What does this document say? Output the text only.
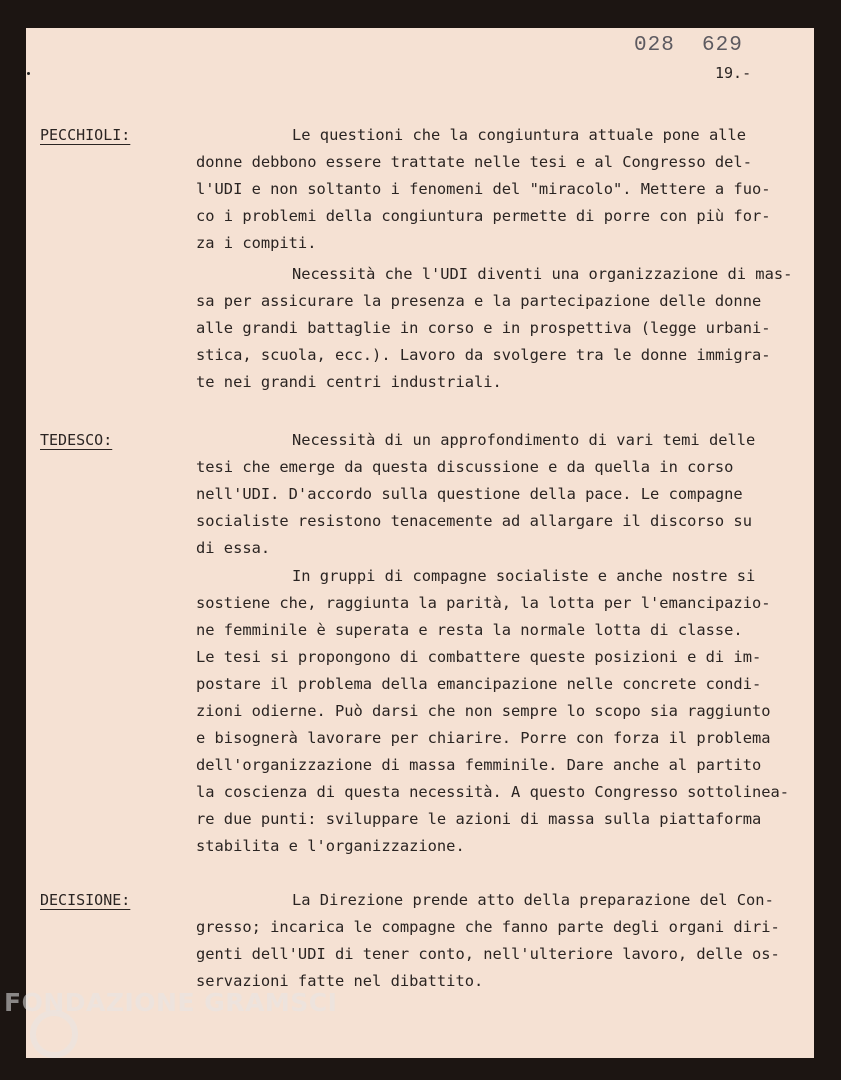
028  629
19.-
PECCHIOLI:	Le questioni che la congiuntura attuale pone alle
donne debbono essere trattate nelle tesi e al Congresso del-
l'UDI e non soltanto i fenomeni del "miracolo". Mettere a fuo-
co i problemi della congiuntura permette di porre con più for-
za i compiti.
Necessità che l'UDI diventi una organizzazione di mas-
sa per assicurare la presenza e la partecipazione delle donne
alle grandi battaglie in corso e in prospettiva (legge urbani-
stica, scuola, ecc.). Lavoro da svolgere tra le donne immigra-
te nei grandi centri industriali.
TEDESCO:	Necessità di un approfondimento di vari temi delle
tesi che emerge da questa discussione e da quella in corso
nell'UDI. D'accordo sulla questione della pace. Le compagne
socialiste resistono tenacemente ad allargare il discorso su
di essa.
In gruppi di compagne socialiste e anche nostre si
sostiene che, raggiunta la parità, la lotta per l'emancipazio-
ne femminile è superata e resta la normale lotta di classe.
Le tesi si propongono di combattere queste posizioni e di im-
postare il problema della emancipazione nelle concrete condi-
zioni odierne. Può darsi che non sempre lo scopo sia raggiunto
e bisognerà lavorare per chiarire. Porre con forza il problema
dell'organizzazione di massa femminile. Dare anche al partito
la coscienza di questa necessità. A questo Congresso sottolinea-
re due punti: sviluppare le azioni di massa sulla piattaforma
stabilita e l'organizzazione.
DECISIONE:	La Direzione prende atto della preparazione del Con-
gresso; incarica le compagne che fanno parte degli organi diri-
genti dell'UDI di tener conto, nell'ulteriore lavoro, delle os-
servazioni fatte nel dibattito.
FONDAZIONE GRAMSCI
